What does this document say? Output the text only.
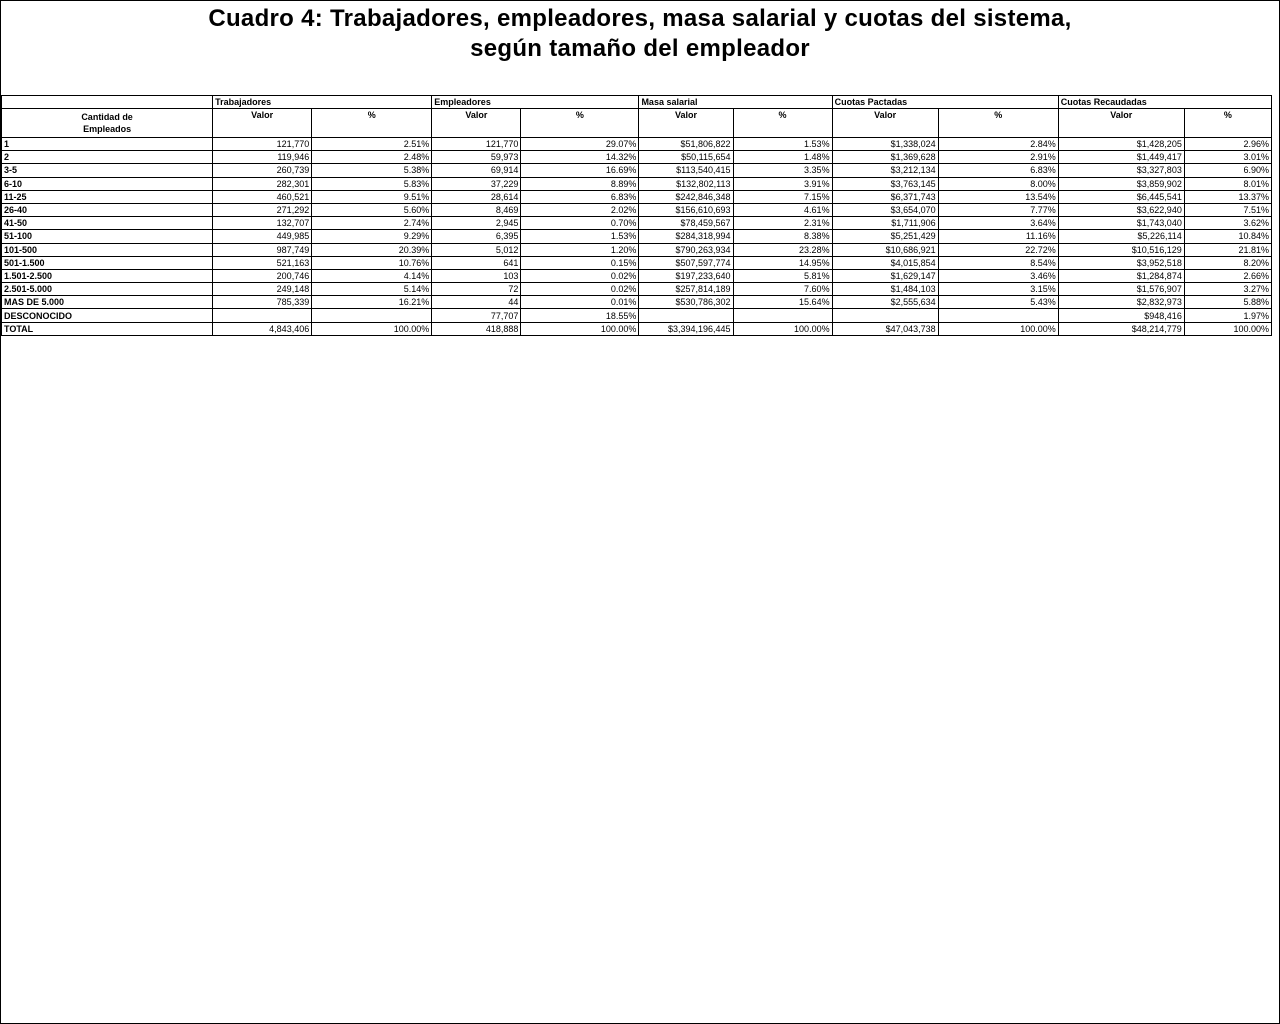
Cuadro 4: Trabajadores, empleadores, masa salarial y cuotas del sistema,
según tamaño del empleador
	Trabajadores		Empleadores		Masa salarial		Cuotas Pactadas		Cuotas Recaudadas	
Cantidad de Empleados	Valor	%	Valor	%	Valor	%	Valor	%	Valor	%
1	121,770	2.51%	121,770	29.07%	$51,806,822	1.53%	$1,338,024	2.84%	$1,428,205	2.96%
2	119,946	2.48%	59,973	14.32%	$50,115,654	1.48%	$1,369,628	2.91%	$1,449,417	3.01%
3-5	260,739	5.38%	69,914	16.69%	$113,540,415	3.35%	$3,212,134	6.83%	$3,327,803	6.90%
6-10	282,301	5.83%	37,229	8.89%	$132,802,113	3.91%	$3,763,145	8.00%	$3,859,902	8.01%
11-25	460,521	9.51%	28,614	6.83%	$242,846,348	7.15%	$6,371,743	13.54%	$6,445,541	13.37%
26-40	271,292	5.60%	8,469	2.02%	$156,610,693	4.61%	$3,654,070	7.77%	$3,622,940	7.51%
41-50	132,707	2.74%	2,945	0.70%	$78,459,567	2.31%	$1,711,906	3.64%	$1,743,040	3.62%
51-100	449,985	9.29%	6,395	1.53%	$284,318,994	8.38%	$5,251,429	11.16%	$5,226,114	10.84%
101-500	987,749	20.39%	5,012	1.20%	$790,263,934	23.28%	$10,686,921	22.72%	$10,516,129	21.81%
501-1.500	521,163	10.76%	641	0.15%	$507,597,774	14.95%	$4,015,854	8.54%	$3,952,518	8.20%
1.501-2.500	200,746	4.14%	103	0.02%	$197,233,640	5.81%	$1,629,147	3.46%	$1,284,874	2.66%
2.501-5.000	249,148	5.14%	72	0.02%	$257,814,189	7.60%	$1,484,103	3.15%	$1,576,907	3.27%
MAS DE 5.000	785,339	16.21%	44	0.01%	$530,786,302	15.64%	$2,555,634	5.43%	$2,832,973	5.88%
DESCONOCIDO			77,707	18.55%					$948,416	1.97%
TOTAL	4,843,406	100.00%	418,888	100.00%	$3,394,196,445	100.00%	$47,043,738	100.00%	$48,214,779	100.00%
